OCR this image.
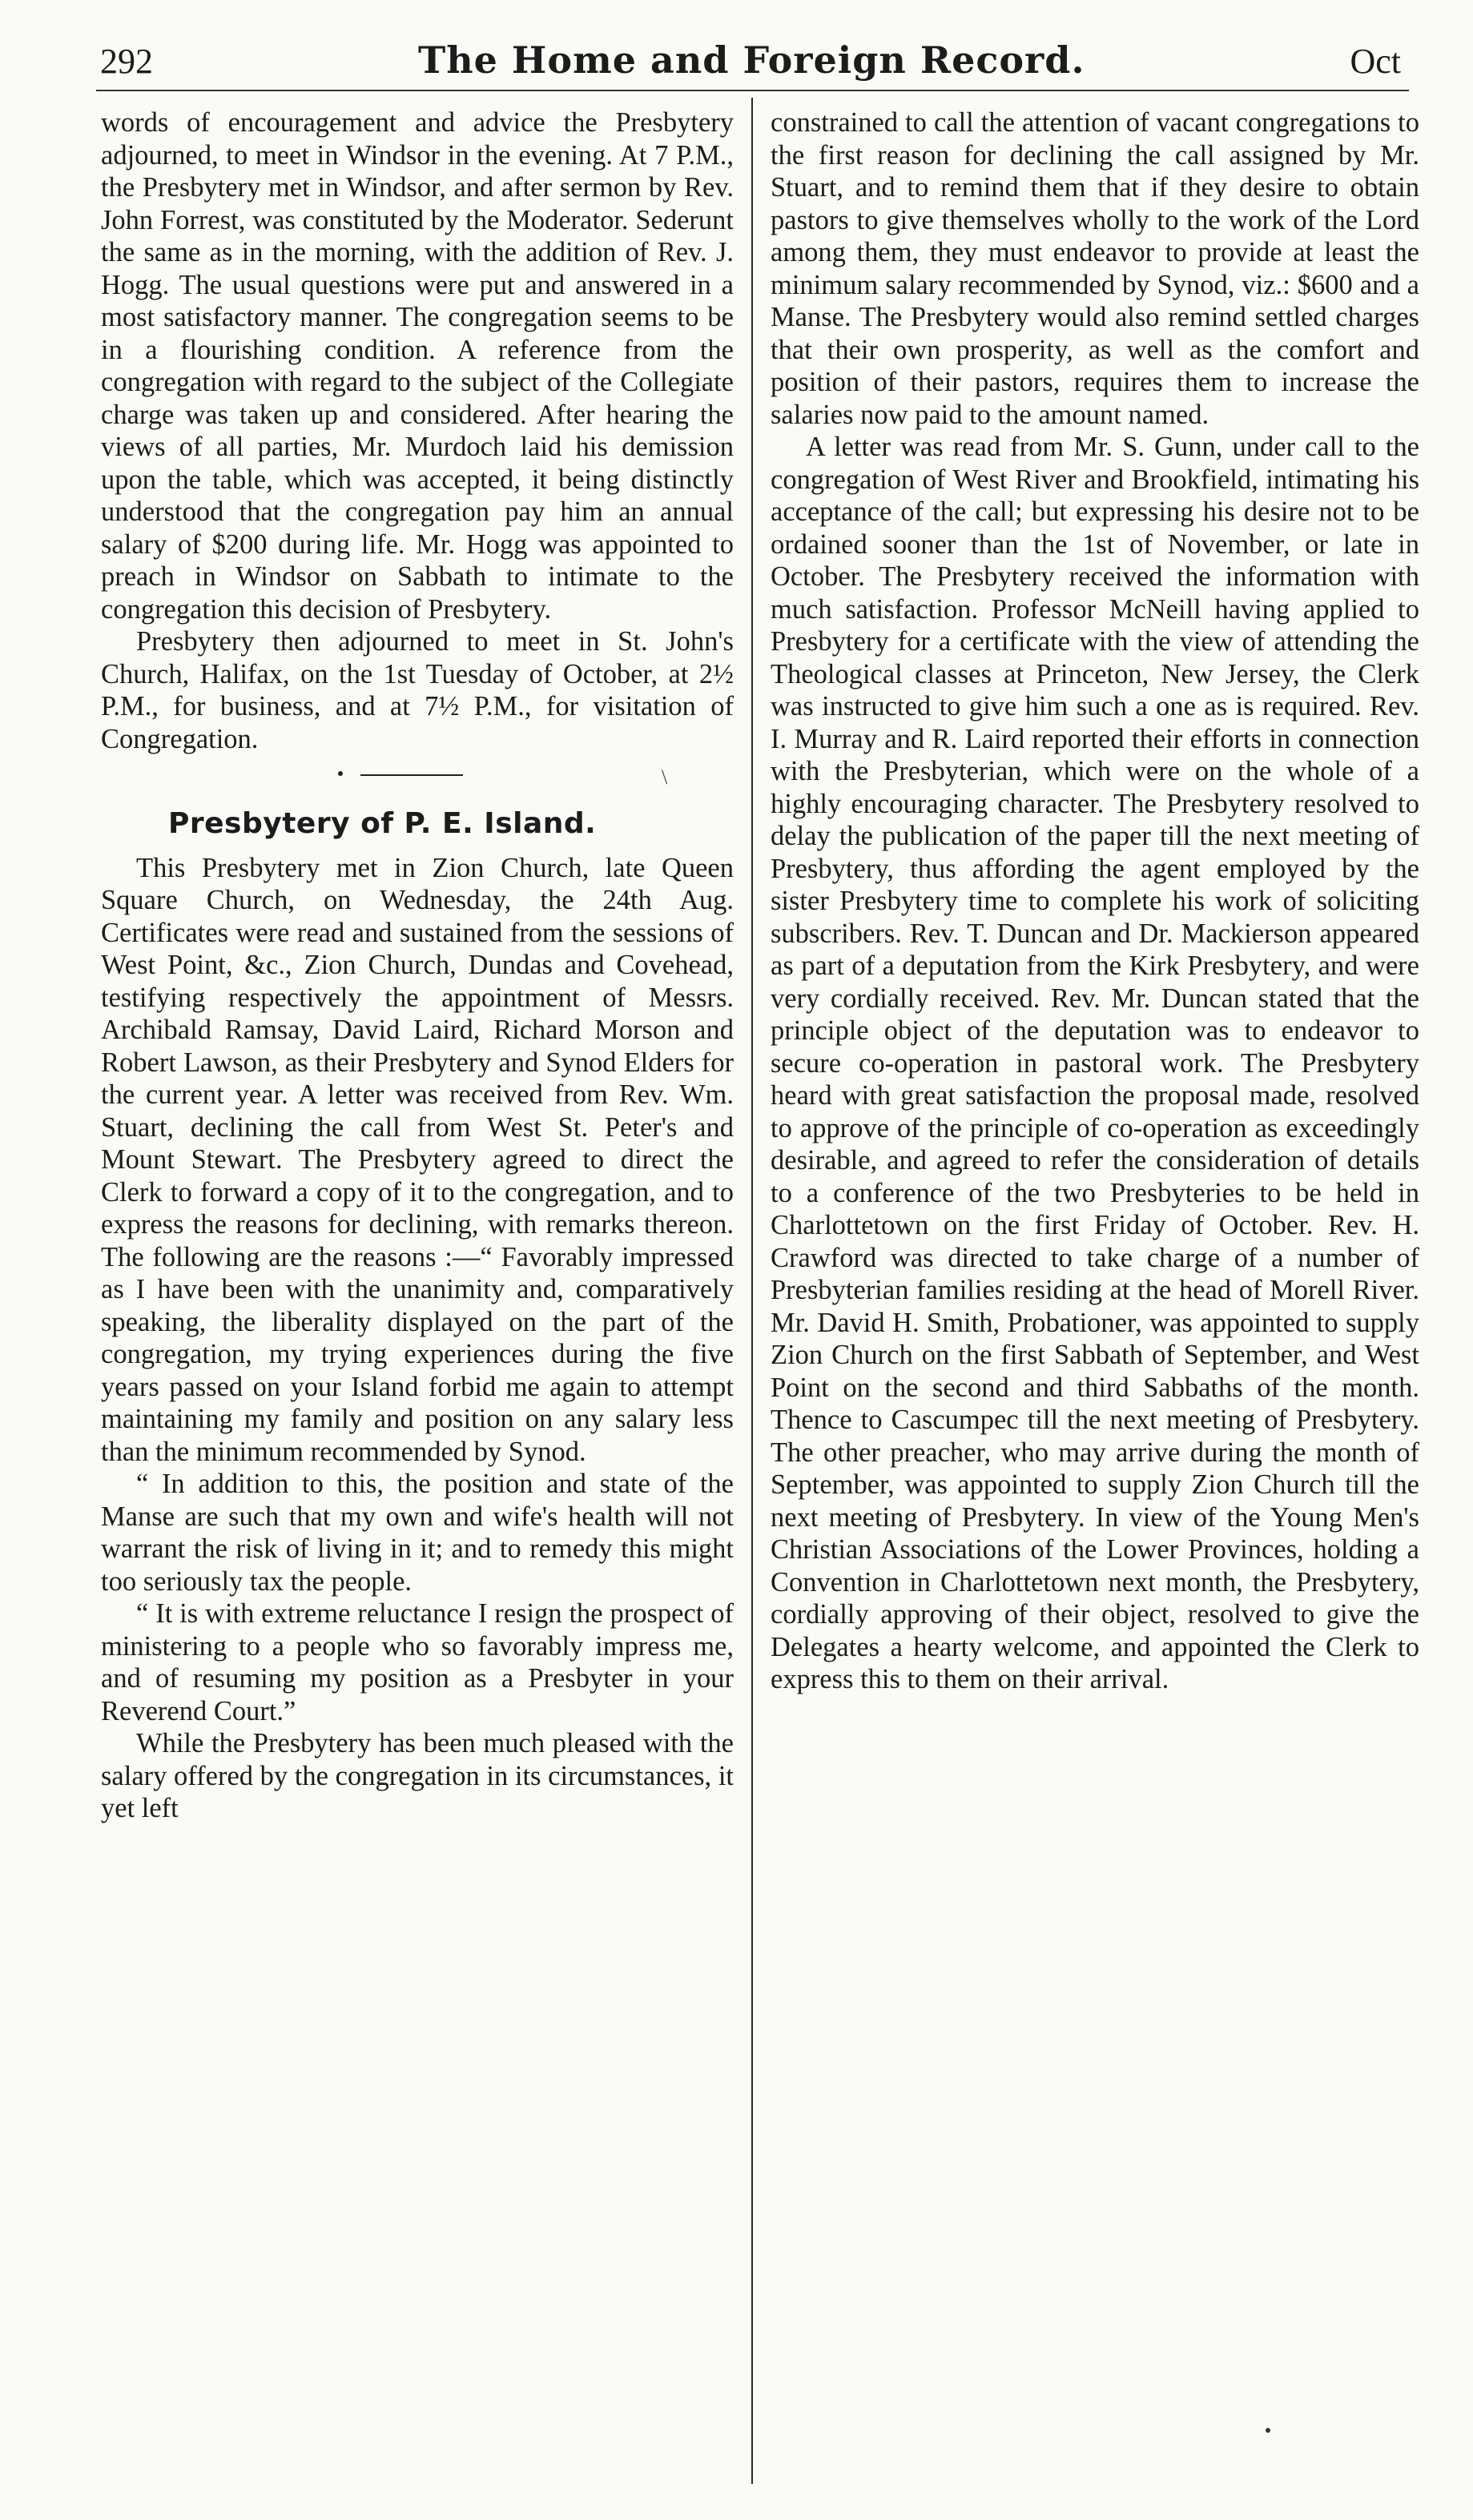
292	The Home and Foreign Record.	Oct

words of encouragement and advice the Presbytery adjourned, to meet in Windsor in the evening. At 7 P.M., the Presbytery met in Windsor, and after sermon by Rev. John Forrest, was constituted by the Moderator. Sederunt the same as in the morning, with the addition of Rev. J. Hogg. The usual questions were put and answered in a most satisfactory manner. The congregation seems to be in a flourishing condition. A reference from the congregation with regard to the subject of the Collegiate charge was taken up and considered. After hearing the views of all parties, Mr. Murdoch laid his demission upon the table, which was accepted, it being distinctly understood that the congregation pay him an annual salary of $200 during life. Mr. Hogg was appointed to preach in Windsor on Sabbath to intimate to the congregation this decision of Presbytery.

Presbytery then adjourned to meet in St. John's Church, Halifax, on the 1st Tuesday of October, at 2½ P.M., for business, and at 7½ P.M., for visitation of Congregation.

\
Presbytery of P. E. Island.

This Presbytery met in Zion Church, late Queen Square Church, on Wednesday, the 24th Aug. Certificates were read and sustained from the sessions of West Point, &c., Zion Church, Dundas and Covehead, testifying respectively the appointment of Messrs. Archibald Ramsay, David Laird, Richard Morson and Robert Lawson, as their Presbytery and Synod Elders for the current year. A letter was received from Rev. Wm. Stuart, declining the call from West St. Peter's and Mount Stewart. The Presbytery agreed to direct the Clerk to forward a copy of it to the congregation, and to express the reasons for declining, with remarks thereon. The following are the reasons :—“ Favorably impressed as I have been with the unanimity and, comparatively speaking, the liberality displayed on the part of the congregation, my trying experiences during the five years passed on your Island forbid me again to attempt maintaining my family and position on any salary less than the minimum recommended by Synod.

“ In addition to this, the position and state of the Manse are such that my own and wife's health will not warrant the risk of living in it; and to remedy this might too seriously tax the people.

“ It is with extreme reluctance I resign the prospect of ministering to a people who so favorably impress me, and of resuming my position as a Presbyter in your Reverend Court.”

While the Presbytery has been much pleased with the salary offered by the congregation in its circumstances, it yet left

constrained to call the attention of vacant congregations to the first reason for declining the call assigned by Mr. Stuart, and to remind them that if they desire to obtain pastors to give themselves wholly to the work of the Lord among them, they must endeavor to provide at least the minimum salary recommended by Synod, viz.: $600 and a Manse. The Presbytery would also remind settled charges that their own prosperity, as well as the comfort and position of their pastors, requires them to increase the salaries now paid to the amount named.

A letter was read from Mr. S. Gunn, under call to the congregation of West River and Brookfield, intimating his acceptance of the call; but expressing his desire not to be ordained sooner than the 1st of November, or late in October. The Presbytery received the information with much satisfaction. Professor McNeill having applied to Presbytery for a certificate with the view of attending the Theological classes at Princeton, New Jersey, the Clerk was instructed to give him such a one as is required. Rev. I. Murray and R. Laird reported their efforts in connection with the Presbyterian, which were on the whole of a highly encouraging character. The Presbytery resolved to delay the publication of the paper till the next meeting of Presbytery, thus affording the agent employed by the sister Presbytery time to complete his work of soliciting subscribers. Rev. T. Duncan and Dr. Mackierson appeared as part of a deputation from the Kirk Presbytery, and were very cordially received. Rev. Mr. Duncan stated that the principle object of the deputation was to endeavor to secure co-operation in pastoral work. The Presbytery heard with great satisfaction the proposal made, resolved to approve of the principle of co-operation as exceedingly desirable, and agreed to refer the consideration of details to a conference of the two Presbyteries to be held in Charlottetown on the first Friday of October. Rev. H. Crawford was directed to take charge of a number of Presbyterian families residing at the head of Morell River. Mr. David H. Smith, Probationer, was appointed to supply Zion Church on the first Sabbath of September, and West Point on the second and third Sabbaths of the month. Thence to Cascumpec till the next meeting of Presbytery. The other preacher, who may arrive during the month of September, was appointed to supply Zion Church till the next meeting of Presbytery. In view of the Young Men's Christian Associations of the Lower Provinces, holding a Convention in Charlottetown next month, the Presbytery, cordially approving of their object, resolved to give the Delegates a hearty welcome, and appointed the Clerk to express this to them on their arrival.
